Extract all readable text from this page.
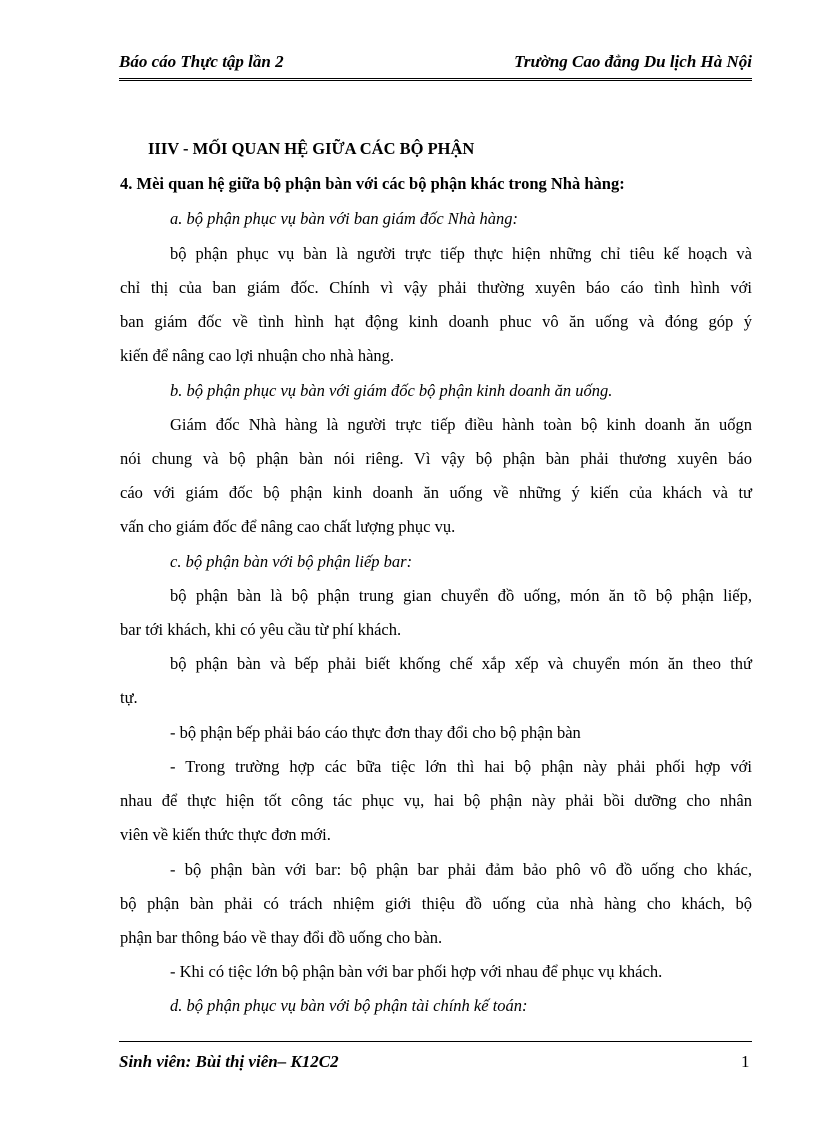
Báo cáo Thực tập lần 2	Trường Cao đẳng Du lịch Hà Nội
IIIV - MỐI QUAN HỆ GIỮA CÁC BỘ PHẬN
4. Mèi quan hệ giữa bộ phận bàn với các bộ phận khác trong Nhà hàng:
a. bộ phận phục vụ bàn với ban giám đốc Nhà hàng:
bộ phận phục vụ bàn là người trực tiếp thực hiện những chỉ tiêu kế hoạch và
chỉ thị của ban giám đốc. Chính vì vậy phải thường xuyên báo cáo tình hình với
ban giám đốc về tình hình hạt động kinh doanh phuc vô ăn uống và đóng góp ý
kiến để nâng cao lợi nhuận cho nhà hàng.
b. bộ phận phục vụ bàn với giám đốc bộ phận kinh doanh ăn uống.
Giám đốc Nhà hàng là người trực tiếp điều hành toàn bộ kinh doanh ăn uốgn
nói chung và bộ phận bàn nói riêng. Vì vậy bộ phận bàn phải thương xuyên báo
cáo với giám đốc bộ phận kinh doanh ăn uống về những ý kiến của khách và tư
vấn cho giám đốc để nâng cao chất lượng phục vụ.
c. bộ phận bàn với bộ phận liếp bar:
bộ phận bàn là bộ phận trung gian chuyển đồ uống, món ăn tõ bộ phận liếp,
bar tới khách, khi có yêu cầu từ phí khách.
bộ phận bàn và bếp phải biết khống chế xắp xếp và chuyển món ăn theo thứ
tự.
- bộ phận bếp phải báo cáo thực đơn thay đổi cho bộ phận bàn
- Trong trường hợp các bữa tiệc lớn thì hai bộ phận này phải phối hợp với
nhau để thực hiện tốt công tác phục vụ, hai bộ phận này phải bồi dưỡng cho nhân
viên về kiến thức thực đơn mới.
- bộ phận bàn với bar: bộ phận bar phải đảm bảo phô vô đồ uống cho khác,
bộ phận bàn phải có trách nhiệm giới thiệu đồ uống của nhà hàng cho khách, bộ
phận bar thông báo về thay đổi đồ uống cho bàn.
- Khi có tiệc lớn bộ phận bàn với bar phối hợp với nhau để phục vụ khách.
d. bộ phận phục vụ bàn với bộ phận tài chính kế toán:
Sinh viên: Bùi thị viên– K12C2	1
